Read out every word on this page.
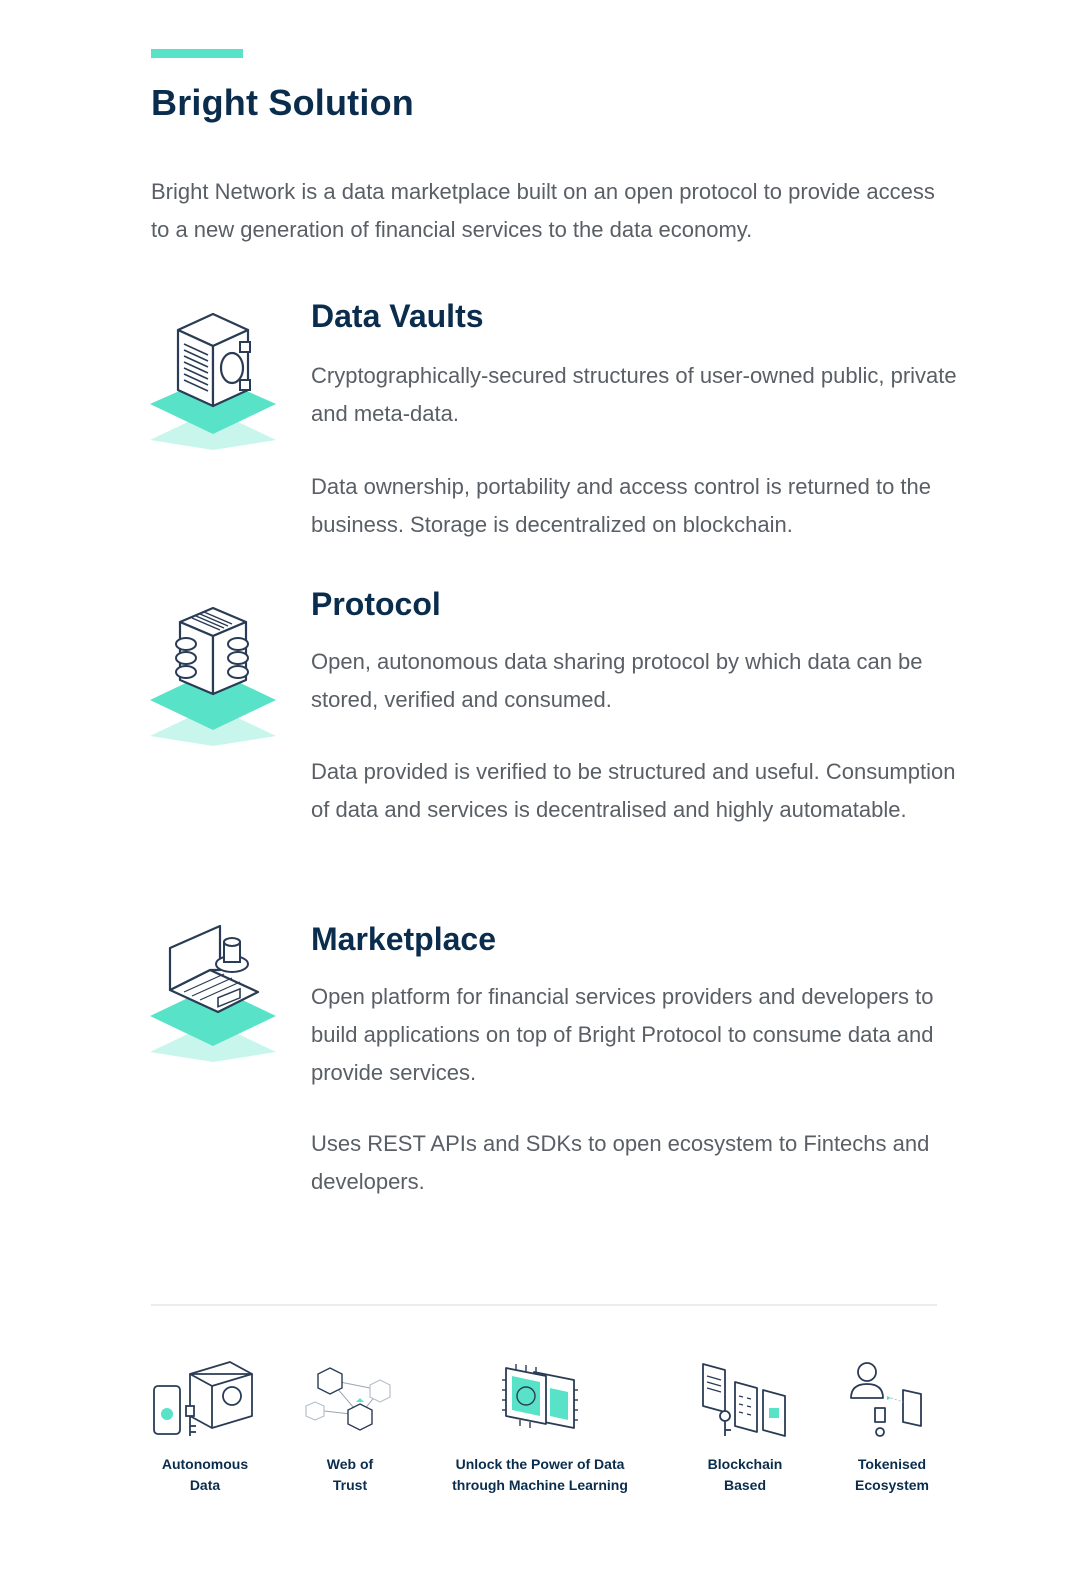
Bright Solution

Bright Network is a data marketplace built on an open protocol to provide access to a new generation of financial services to the data economy.

Data Vaults

Cryptographically-secured structures of user-owned public, private and meta-data.

Data ownership, portability and access control is returned to the business. Storage is decentralized on blockchain.

Protocol

Open, autonomous data sharing protocol by which data can be stored, verified and consumed.

Data provided is verified to be structured and useful. Consumption of data and services is decentralised and highly automatable.

Marketplace

Open platform for financial services providers and developers to build applications on top of Bright Protocol to consume data and provide services.

Uses REST APIs and SDKs to open ecosystem to Fintechs and developers.

Autonomous
Data
Web of
Trust
Unlock the Power of Data
through Machine Learning
Blockchain
Based
Tokenised
Ecosystem
